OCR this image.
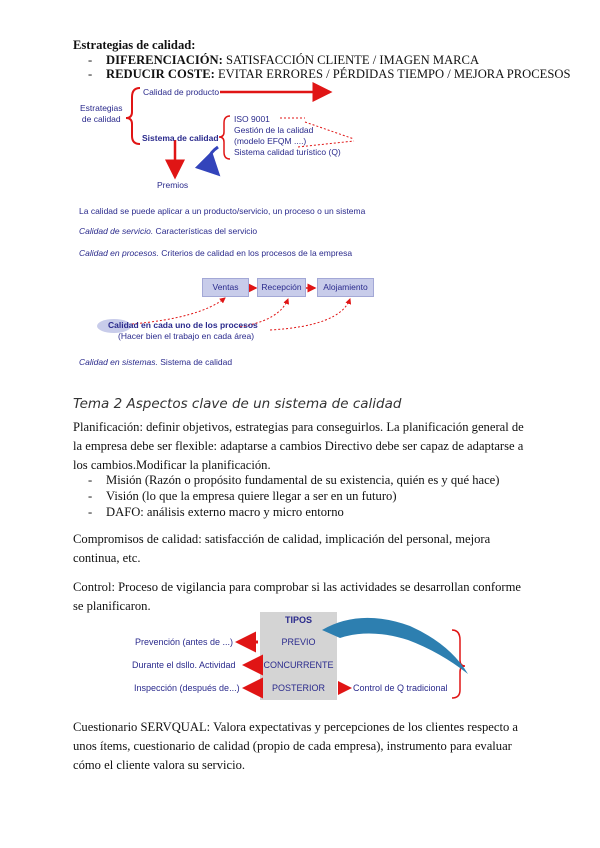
Estrategias de calidad:
DIFERENCIACIÓN: SATISFACCIÓN CLIENTE / IMAGEN MARCA
REDUCIR COSTE: EVITAR ERRORES / PÉRDIDAS TIEMPO / MEJORA PROCESOS
Estrategias
de calidad
Calidad de producto
Sistema de calidad
ISO 9001
Gestión de la calidad
(modelo EFQM ....)
Sistema calidad turístico (Q)
Premios
La calidad se puede aplicar a un producto/servicio, un proceso o un sistema
Calidad de servicio. Características del servicio
Calidad en procesos. Criterios de calidad en los procesos de la empresa
Ventas	Recepción	Alojamiento
Calidad en cada uno de los procesos
(Hacer bien el trabajo en cada área)
Calidad en sistemas. Sistema de calidad
Tema 2 Aspectos clave de un sistema de calidad
Planificación: definir objetivos, estrategias para conseguirlos. La planificación general de la empresa debe ser flexible: adaptarse a cambios Directivo debe ser capaz de adaptarse a los cambios.Modificar la planificación.
Misión (Razón o propósito fundamental de su existencia, quién es y qué hace)
Visión (lo que la empresa quiere llegar a ser en un futuro)
DAFO: análisis externo macro y micro entorno
Compromisos de calidad: satisfacción de calidad, implicación del personal, mejora continua, etc.
Control: Proceso de vigilancia para comprobar si las actividades se desarrollan conforme se planificaron.
TIPOS
PREVIO
CONCURRENTE
POSTERIOR
Prevención (antes de ...)
Durante el dsllo. Actividad
Inspección (después de...)	Control de Q tradicional
Cuestionario SERVQUAL: Valora expectativas y percepciones de los clientes respecto a unos ítems, cuestionario de calidad (propio de cada empresa), instrumento para evaluar cómo el cliente valora su servicio.
